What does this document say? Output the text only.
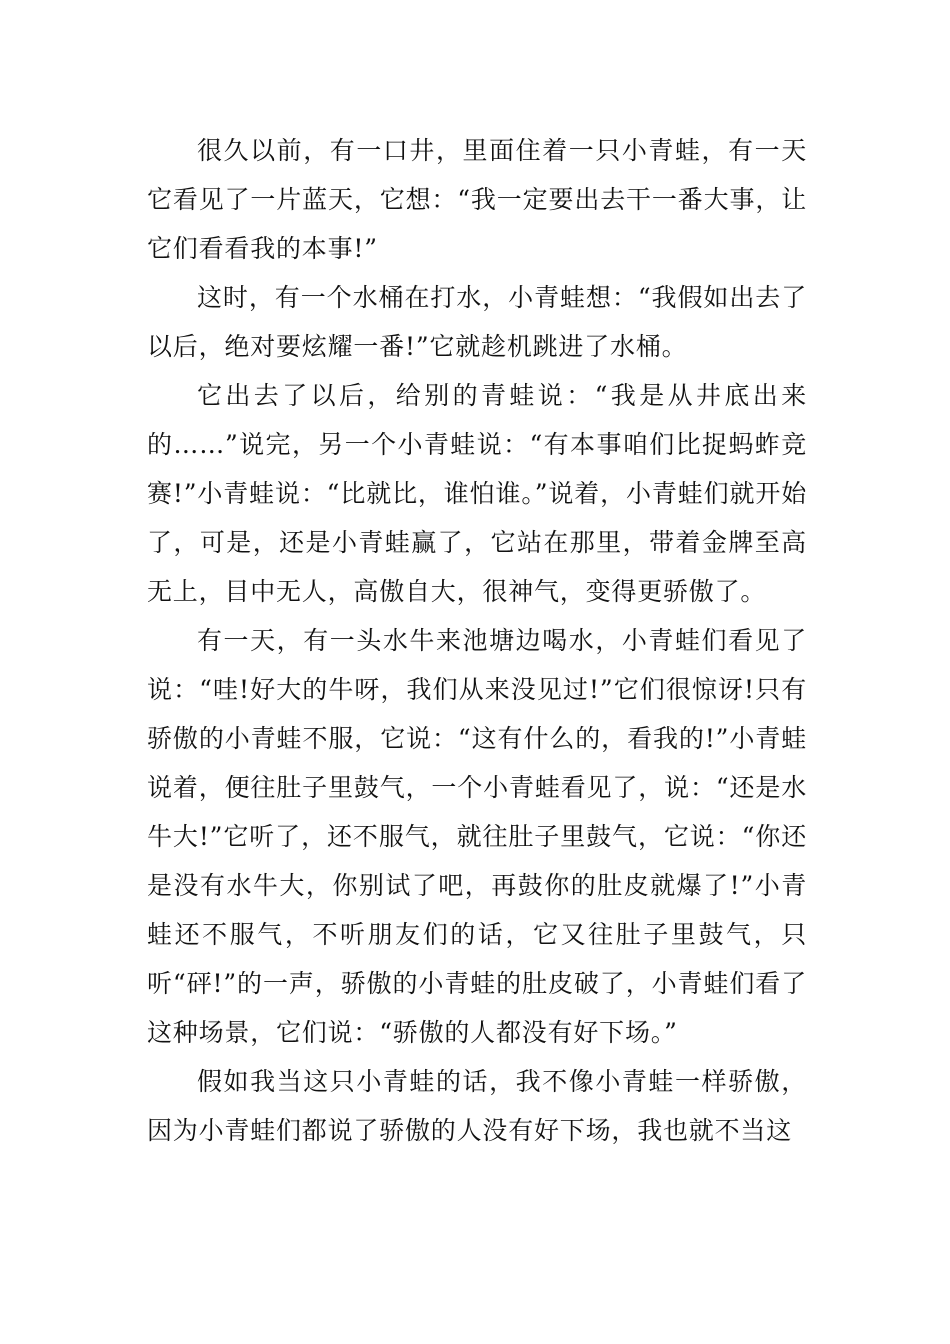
很久以前，有一口井，里面住着一只小青蛙，有一天它看见了一片蓝天，它想：“我一定要出去干一番大事，让它们看看我的本事!”

这时，有一个水桶在打水，小青蛙想：“我假如出去了以后，绝对要炫耀一番!”它就趁机跳进了水桶。

它出去了以后，给别的青蛙说：“我是从井底出来的……”说完，另一个小青蛙说：“有本事咱们比捉蚂蚱竞赛!”小青蛙说：“比就比，谁怕谁。”说着，小青蛙们就开始了，可是，还是小青蛙赢了，它站在那里，带着金牌至高无上，目中无人，高傲自大，很神气，变得更骄傲了。

有一天，有一头水牛来池塘边喝水，小青蛙们看见了说：“哇!好大的牛呀，我们从来没见过!”它们很惊讶!只有骄傲的小青蛙不服，它说：“这有什么的，看我的!”小青蛙说着，便往肚子里鼓气，一个小青蛙看见了，说：“还是水牛大!”它听了，还不服气，就往肚子里鼓气，它说：“你还是没有水牛大，你别试了吧，再鼓你的肚皮就爆了!”小青蛙还不服气，不听朋友们的话，它又往肚子里鼓气，只听“砰!”的一声，骄傲的小青蛙的肚皮破了，小青蛙们看了这种场景，它们说：“骄傲的人都没有好下场。”

假如我当这只小青蛙的话，我不像小青蛙一样骄傲，因为小青蛙们都说了骄傲的人没有好下场，我也就不当这
